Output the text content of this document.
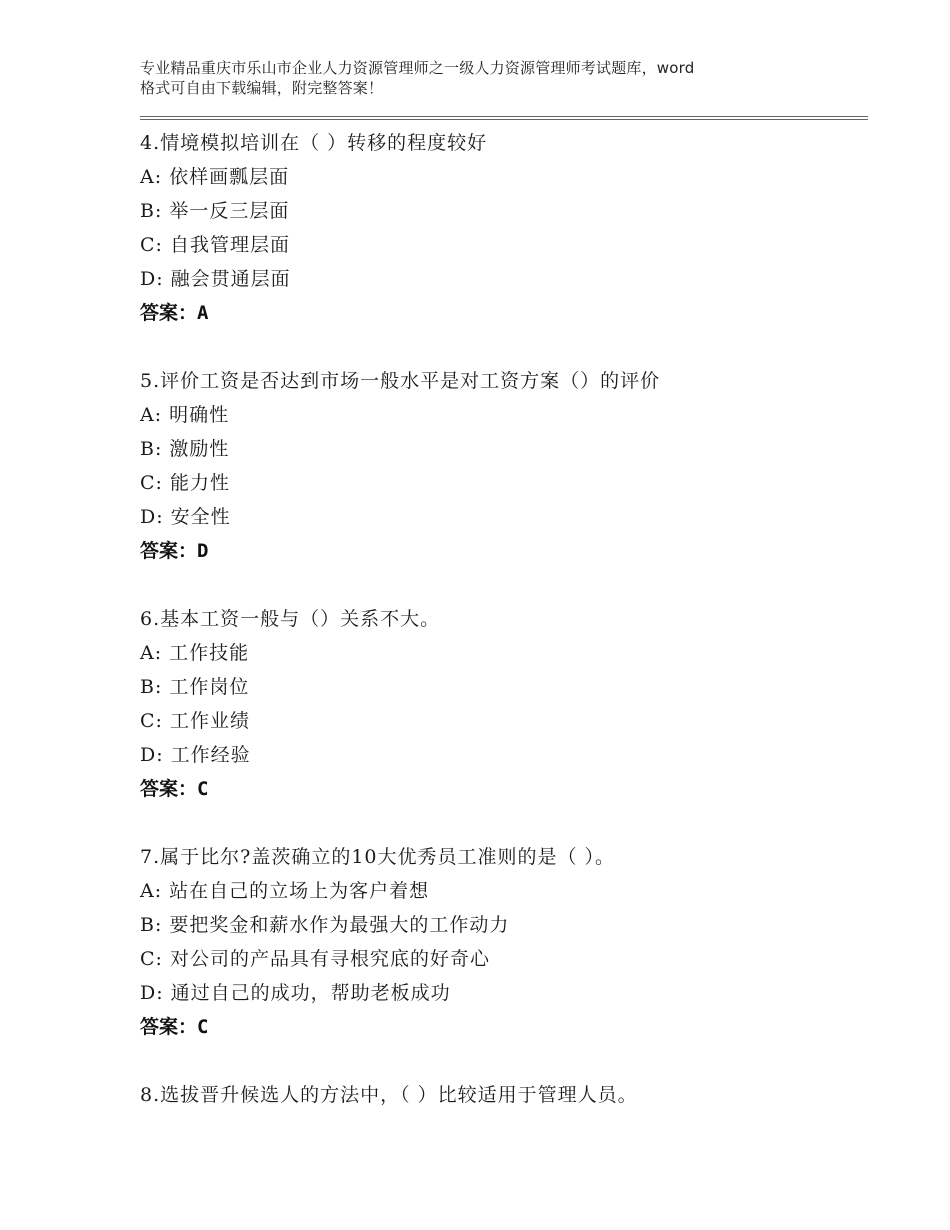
专业精品重庆市乐山市企业人力资源管理师之一级人力资源管理师考试题库，word
格式可自由下载编辑，附完整答案！
4.情境模拟培训在（ ）转移的程度较好
A: 依样画瓢层面
B: 举一反三层面
C: 自我管理层面
D: 融会贯通层面
答案：A
5.评价工资是否达到市场一般水平是对工资方案（）的评价
A: 明确性
B: 激励性
C: 能力性
D: 安全性
答案：D
6.基本工资一般与（）关系不大。
A: 工作技能
B: 工作岗位
C: 工作业绩
D: 工作经验
答案：C
7.属于比尔?盖茨确立的10大优秀员工准则的是（ ）。
A: 站在自己的立场上为客户着想
B: 要把奖金和薪水作为最强大的工作动力
C: 对公司的产品具有寻根究底的好奇心
D: 通过自己的成功，帮助老板成功
答案：C
8.选拔晋升候选人的方法中，（ ）比较适用于管理人员。
